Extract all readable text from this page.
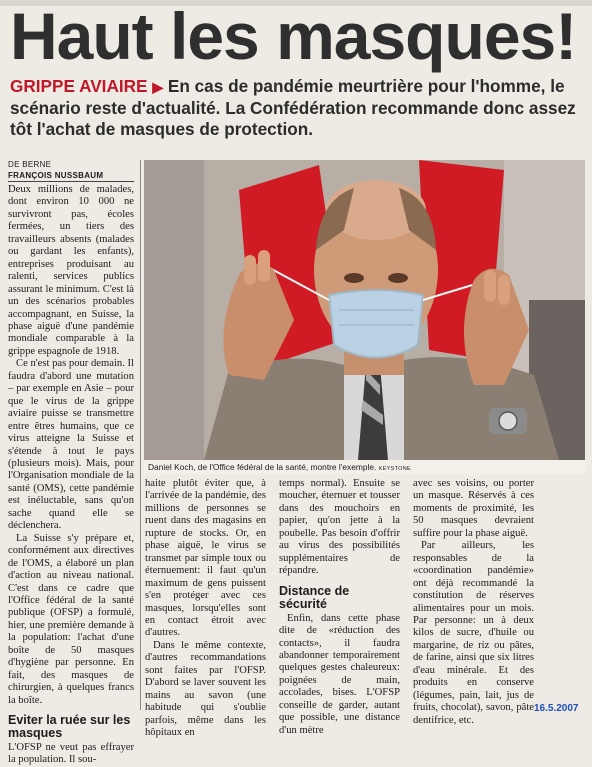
Haut les masques!
GRIPPE AVIAIRE ▶ En cas de pandémie meurtrière pour l'homme, le scénario reste d'actualité. La Confédération recommande donc assez tôt l'achat de masques de protection.
DE BERNE
FRANÇOIS NUSSBAUM

Deux millions de malades, dont environ 10 000 ne survivront pas, écoles fermées, un tiers des travailleurs absents (malades ou gardant les enfants), entreprises produisant au ralenti, services publics assurant le minimum. C'est là un des scénarios probables accompagnant, en Suisse, la phase aiguë d'une pandémie mondiale comparable à la grippe espagnole de 1918.

Ce n'est pas pour demain. Il faudra d'abord une mutation – par exemple en Asie – pour que le virus de la grippe aviaire puisse se transmettre entre êtres humains, que ce virus atteigne la Suisse et s'étende à tout le pays (plusieurs mois). Mais, pour l'Organisation mondiale de la santé (OMS), cette pandémie est inéluctable, sans qu'on sache quand elle se déclenchera.

La Suisse s'y prépare et, conformément aux directives de l'OMS, a élaboré un plan d'action au niveau national. C'est dans ce cadre que l'Office fédéral de la santé publique (OFSP) a formulé, hier, une première demande à la population: l'achat d'une boîte de 50 masques d'hygiène par personne. En fait, des masques de chirurgien, à quelques francs la boîte.

Eviter la ruée sur les masques

L'OFSP ne veut pas effrayer la population. Il sou-

Daniel Koch, de l'Office fédéral de la santé, montre l'exemple. KEYSTONE

haite plutôt éviter que, à l'arrivée de la pandémie, des millions de personnes se ruent dans des magasins en rupture de stocks. Or, en phase aiguë, le virus se transmet par simple toux ou éternuement: il faut qu'un maximum de gens puissent s'en protéger avec ces masques, lorsqu'elles sont en contact étroit avec d'autres.

Dans le même contexte, d'autres recommandations sont faites par l'OFSP. D'abord se laver souvent les mains au savon (une habitude qui s'oublie parfois, même dans les hôpitaux en

temps normal). Ensuite se moucher, éternuer et tousser dans des mouchoirs en papier, qu'on jette à la poubelle. Pas besoin d'offrir au virus des possibilités supplémentaires de répandre.

Distance de sécurité

Enfin, dans cette phase dite de «réduction des contacts», il faudra abandonner temporairement quelques gestes chaleureux: poignées de main, accolades, bises. L'OFSP conseille de garder, autant que possible, une distance d'un mètre

avec ses voisins, ou porter un masque. Réservés à ces moments de proximité, les 50 masques devraient suffire pour la phase aiguë.

Par ailleurs, les responsables de la «coordination pandémie» ont déjà recommandé la constitution de réserves alimentaires pour un mois. Par personne: un à deux kilos de sucre, d'huile ou margarine, de riz ou pâtes, de farine, ainsi que six litres d'eau minérale. Et des produits en conserve (légumes, pain, lait, jus de fruits, chocolat), savon, pâte dentifrice, etc.

16.5.2007
